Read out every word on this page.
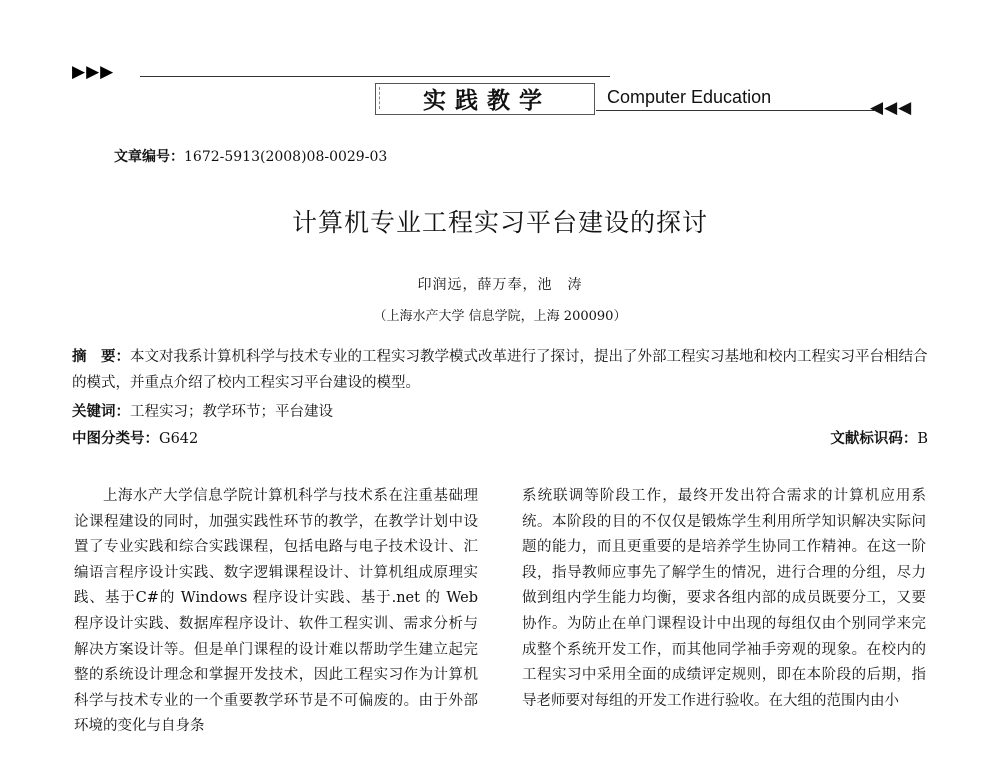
▶▶▶
实践教学	Computer Education
◀◀◀
文章编号：1672-5913(2008)08-0029-03
计算机专业工程实习平台建设的探讨
印润远，薛万奉，池　涛
（上海水产大学 信息学院，上海 200090）
摘　要：本文对我系计算机科学与技术专业的工程实习教学模式改革进行了探讨，提出了外部工程实习基地和校内工程实习平台相结合的模式，并重点介绍了校内工程实习平台建设的模型。
关键词：工程实习；教学环节；平台建设
中图分类号：G642	文献标识码：B
上海水产大学信息学院计算机科学与技术系在注重基础理论课程建设的同时，加强实践性环节的教学，在教学计划中设置了专业实践和综合实践课程，包括电路与电子技术设计、汇编语言程序设计实践、数字逻辑课程设计、计算机组成原理实践、基于C#的 Windows 程序设计实践、基于.net 的 Web 程序设计实践、数据库程序设计、软件工程实训、需求分析与解决方案设计等。但是单门课程的设计难以帮助学生建立起完整的系统设计理念和掌握开发技术，因此工程实习作为计算机科学与技术专业的一个重要教学环节是不可偏废的。由于外部环境的变化与自身条
系统联调等阶段工作，最终开发出符合需求的计算机应用系统。本阶段的目的不仅仅是锻炼学生利用所学知识解决实际问题的能力，而且更重要的是培养学生协同工作精神。在这一阶段，指导教师应事先了解学生的情况，进行合理的分组，尽力做到组内学生能力均衡，要求各组内部的成员既要分工，又要协作。为防止在单门课程设计中出现的每组仅由个别同学来完成整个系统开发工作，而其他同学袖手旁观的现象。在校内的工程实习中采用全面的成绩评定规则，即在本阶段的后期，指导老师要对每组的开发工作进行验收。在大组的范围内由小
